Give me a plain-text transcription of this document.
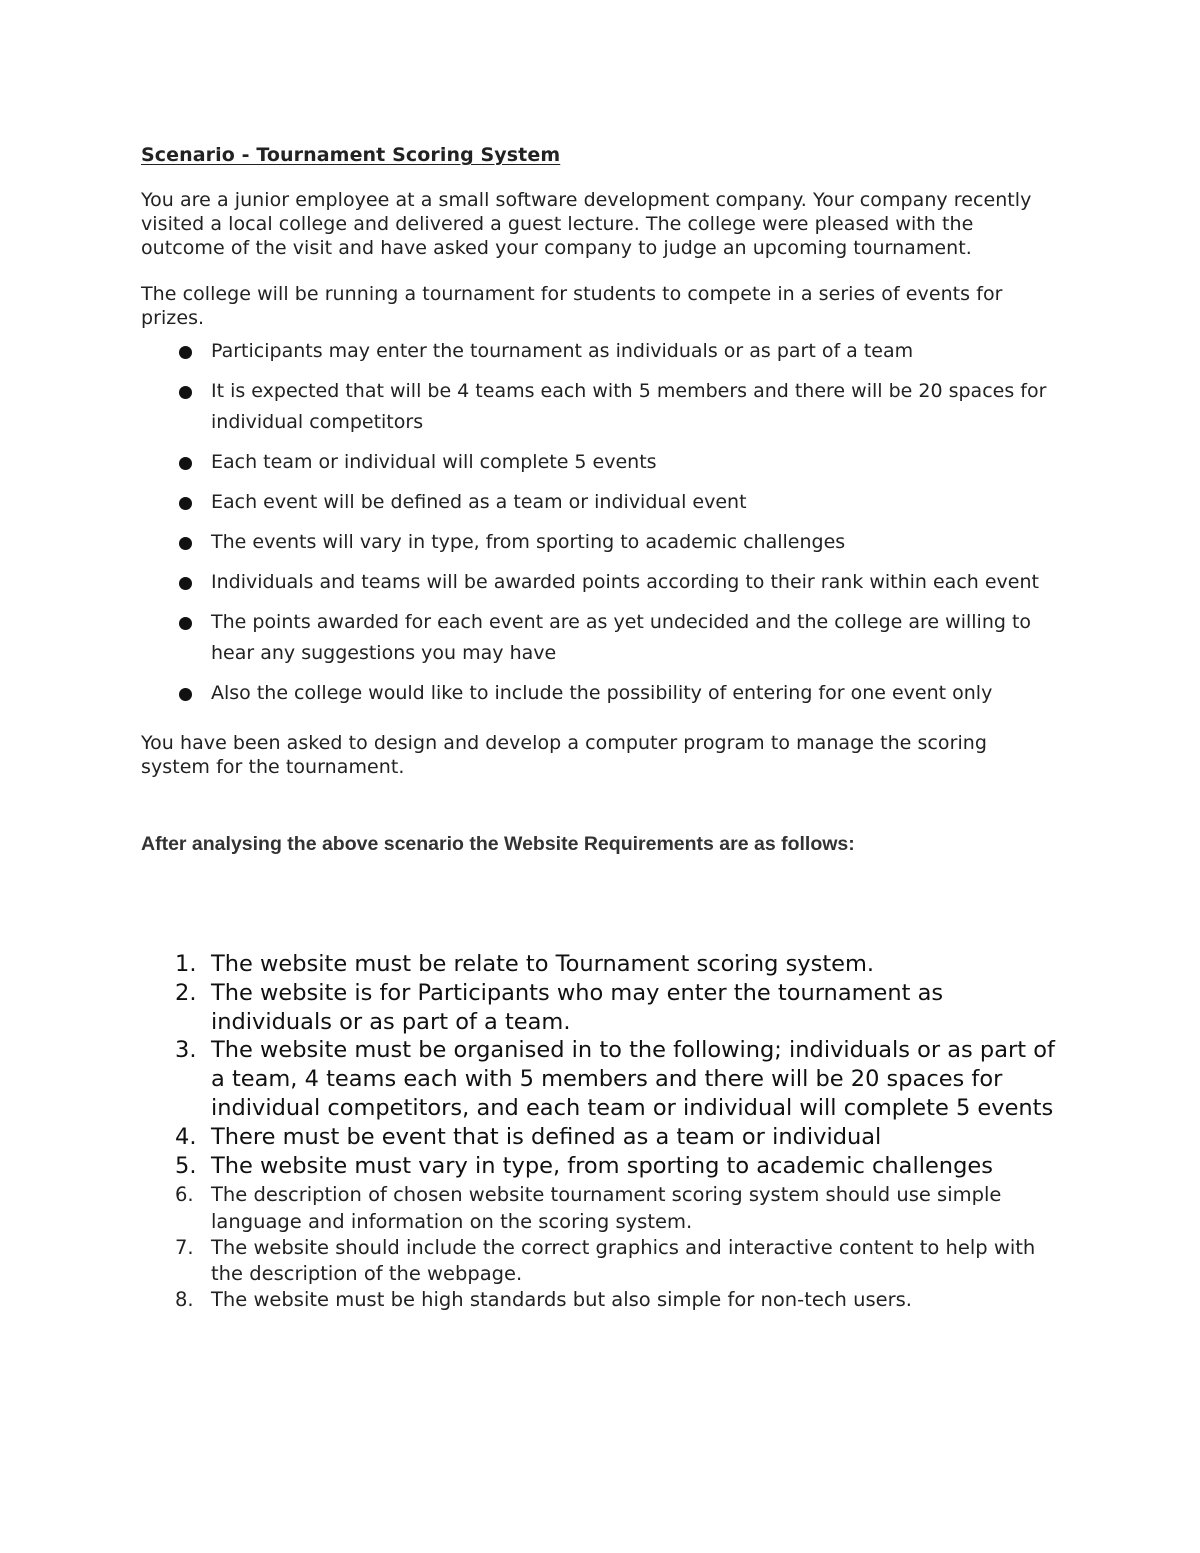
Scenario - Tournament Scoring System

You are a junior employee at a small software development company. Your company recently visited a local college and delivered a guest lecture. The college were pleased with the outcome of the visit and have asked your company to judge an upcoming tournament.

The college will be running a tournament for students to compete in a series of events for prizes.

Participants may enter the tournament as individuals or as part of a team
It is expected that will be 4 teams each with 5 members and there will be 20 spaces for individual competitors
Each team or individual will complete 5 events
Each event will be defined as a team or individual event
The events will vary in type, from sporting to academic challenges
Individuals and teams will be awarded points according to their rank within each event
The points awarded for each event are as yet undecided and the college are willing to hear any suggestions you may have
Also the college would like to include the possibility of entering for one event only

You have been asked to design and develop a computer program to manage the scoring system for the tournament.

After analysing the above scenario the Website Requirements are as follows:
1. The website must be relate to Tournament scoring system.
2. The website is for Participants who may enter the tournament as individuals or as part of a team.
3. The website must be organised in to the following; individuals or as part of a team, 4 teams each with 5 members and there will be 20 spaces for individual competitors, and each team or individual will complete 5 events
4. There must be event that is defined as a team or individual
5. The website must vary in type, from sporting to academic challenges
6. The description of chosen website tournament scoring system should use simple language and information on the scoring system.
7. The website should include the correct graphics and interactive content to help with the description of the webpage.
8. The website must be high standards but also simple for non-tech users.
